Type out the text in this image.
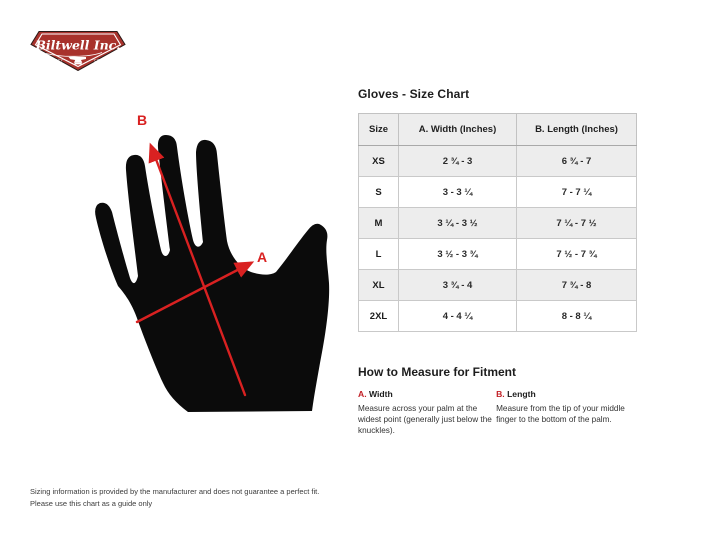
Biltwell Inc.
“QUALITY”	“COUNTS”
B
A
Gloves - Size Chart
Size	A. Width (Inches)	B. Length (Inches)
XS	2 ¾ - 3	6 ¾ - 7
S	3 - 3 ¼	7 - 7 ¼
M	3 ¼ - 3 ½	7 ¼ - 7 ½
L	3 ½ - 3 ¾	7 ½ - 7 ¾
XL	3 ¾ - 4	7 ¾ - 8
2XL	4 - 4 ¼	8 - 8 ¼
How to Measure for Fitment
A. Width
Measure across your palm at the widest point (generally just below the knuckles).
B. Length
Measure from the tip of your middle finger to the bottom of the palm.
Sizing information is provided by the manufacturer and does not guarantee a perfect fit.
Please use this chart as a guide only
